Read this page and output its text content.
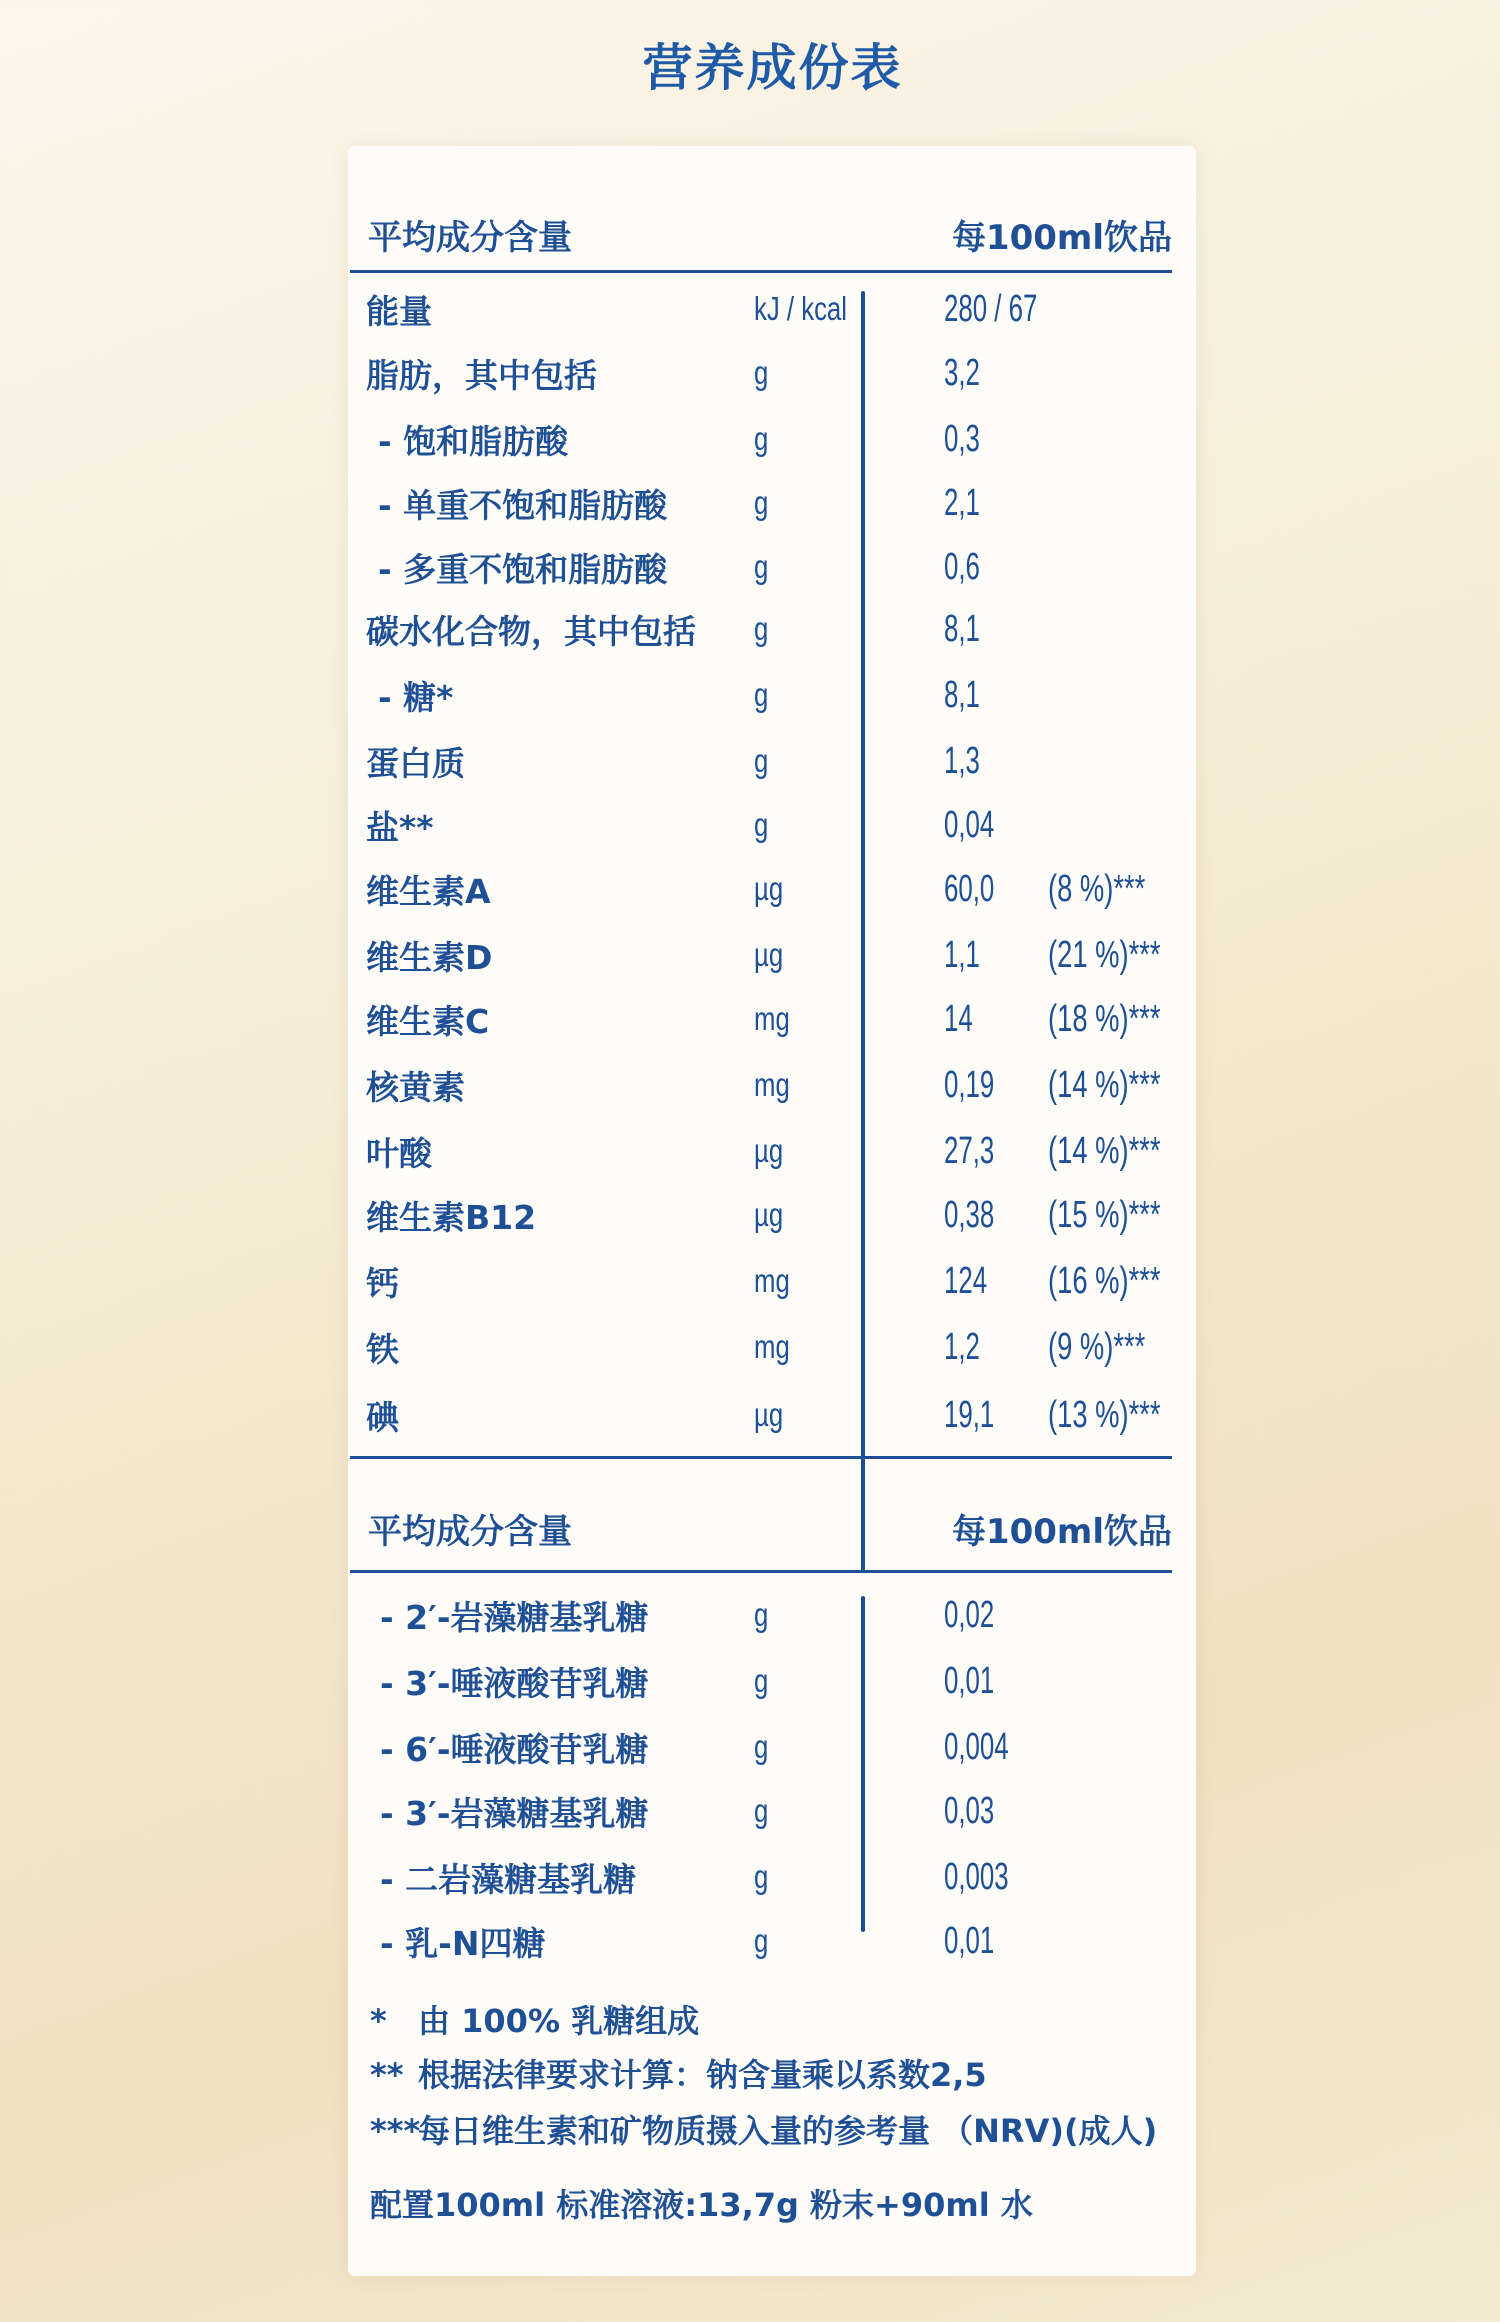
营养成份表
平均成分含量	每100ml饮品
能量	kJ / kcal	280 / 67
脂肪，其中包括	g	3,2
- 饱和脂肪酸	g	0,3
- 单重不饱和脂肪酸	g	2,1
- 多重不饱和脂肪酸	g	0,6
碳水化合物，其中包括 g	8,1
- 糖*	g	8,1
蛋白质	g	1,3
盐**	g	0,04
维生素A	µg	60,0 (8 %)***
维生素D	µg	1,1 (21 %)***
维生素C	mg	14 (18 %)***
核黄素	mg	0,19 (14 %)***
叶酸	µg	27,3 (14 %)***
维生素B12	µg	0,38 (15 %)***
钙	mg	124 (16 %)***
铁	mg	1,2 (9 %)***
碘	µg	19,1 (13 %)***
平均成分含量	每100ml饮品
- 2′-岩藻糖基乳糖	g	0,02
- 3′-唾液酸苷乳糖	g	0,01
- 6′-唾液酸苷乳糖	g	0,004
- 3′-岩藻糖基乳糖	g	0,03
- 二岩藻糖基乳糖	g	0,003
- 乳-N四糖	g	0,01
* 由 100% 乳糖组成
** 根据法律要求计算：钠含量乘以系数2,5
***每日维生素和矿物质摄入量的参考量 （NRV)(成人)
配置100ml 标准溶液:13,7g 粉末+90ml 水
